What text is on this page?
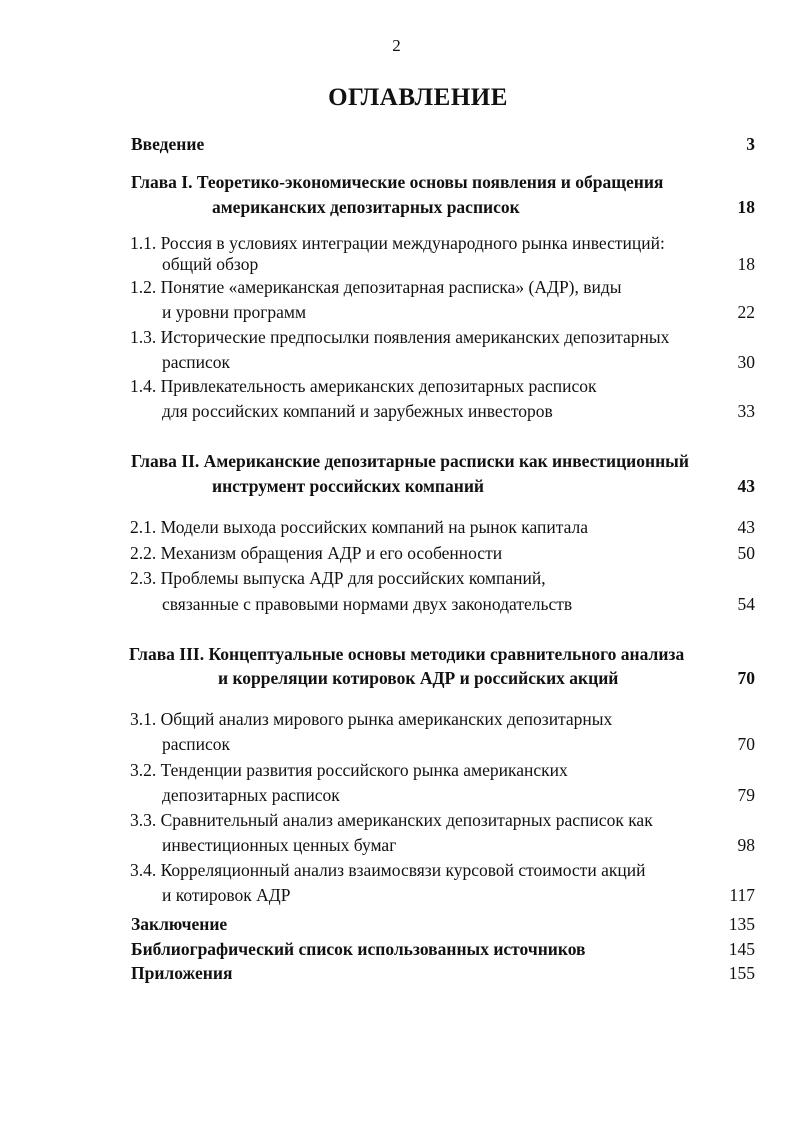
2
ОГЛАВЛЕНИЕ
Введение	3
Глава I. Теоретико-экономические основы появления и обращения
американских депозитарных расписок	18
1.1. Россия в условиях интеграции международного рынка инвестиций:
общий обзор	18
1.2. Понятие «американская депозитарная расписка» (АДР), виды
и уровни программ	22
1.3. Исторические предпосылки появления американских депозитарных
расписок	30
1.4. Привлекательность американских депозитарных расписок
для российских компаний и зарубежных инвесторов	33
Глава II. Американские депозитарные расписки как инвестиционный
инструмент российских компаний	43
2.1. Модели выхода российских компаний на рынок капитала	43
2.2. Механизм обращения АДР и его особенности	50
2.3. Проблемы выпуска АДР для российских компаний,
связанные с правовыми нормами двух законодательств	54
Глава III. Концептуальные основы методики сравнительного анализа
и корреляции котировок АДР и российских акций	70
3.1. Общий анализ мирового рынка американских депозитарных
расписок	70
3.2. Тенденции развития российского рынка американских
депозитарных расписок	79
3.3. Сравнительный анализ американских депозитарных расписок как
инвестиционных ценных бумаг	98
3.4. Корреляционный анализ взаимосвязи курсовой стоимости акций
и котировок АДР	117
Заключение	135
Библиографический список использованных источников	145
Приложения	155
